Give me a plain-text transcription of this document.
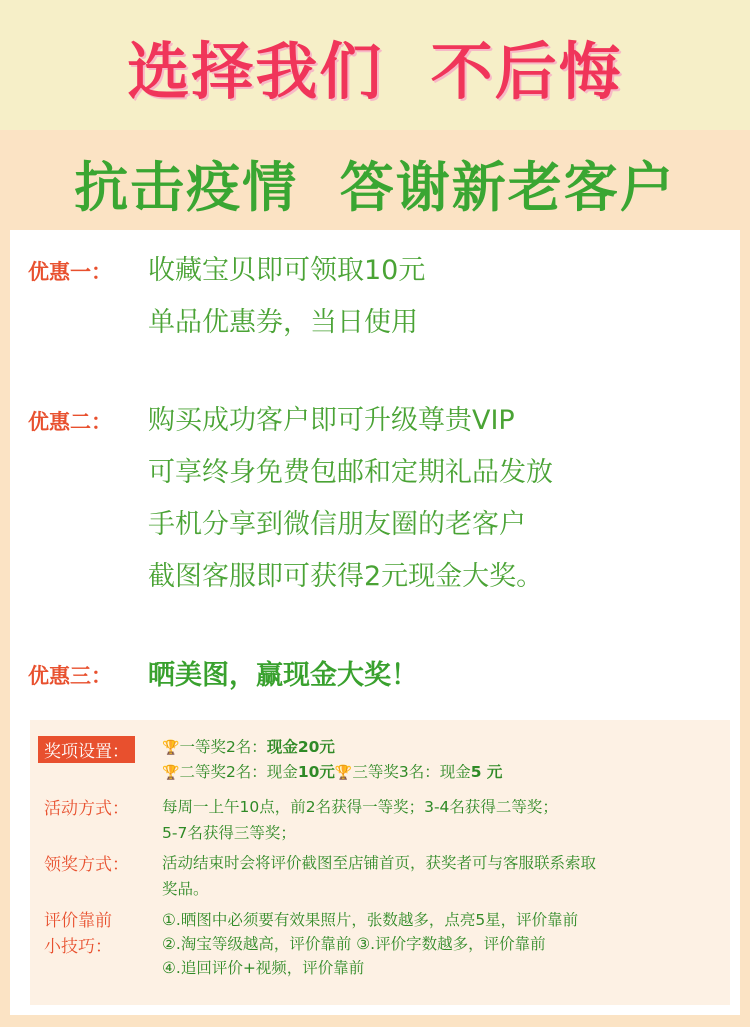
选择我们  不后悔
抗击疫情  答谢新老客户
优惠一： 收藏宝贝即可领取10元
单品优惠券，当日使用
优惠二： 购买成功客户即可升级尊贵VIP
可享终身免费包邮和定期礼品发放
手机分享到微信朋友圈的老客户
截图客服即可获得2元现金大奖。
优惠三： 晒美图，赢现金大奖！
奖项设置：	🏆一等奖2名：现金20元
🏆二等奖2名：现金10元🏆三等奖3名：现金5 元
活动方式： 每周一上午10点，前2名获得一等奖；3-4名获得二等奖；
5-7名获得三等奖；
领奖方式： 活动结束时会将评价截图至店铺首页，获奖者可与客服联系索取
奖品。
评价靠前
小技巧：
①.晒图中必须要有效果照片，张数越多，点亮5星，评价靠前
②.淘宝等级越高，评价靠前 ③.评价字数越多，评价靠前
④.追回评价+视频，评价靠前
